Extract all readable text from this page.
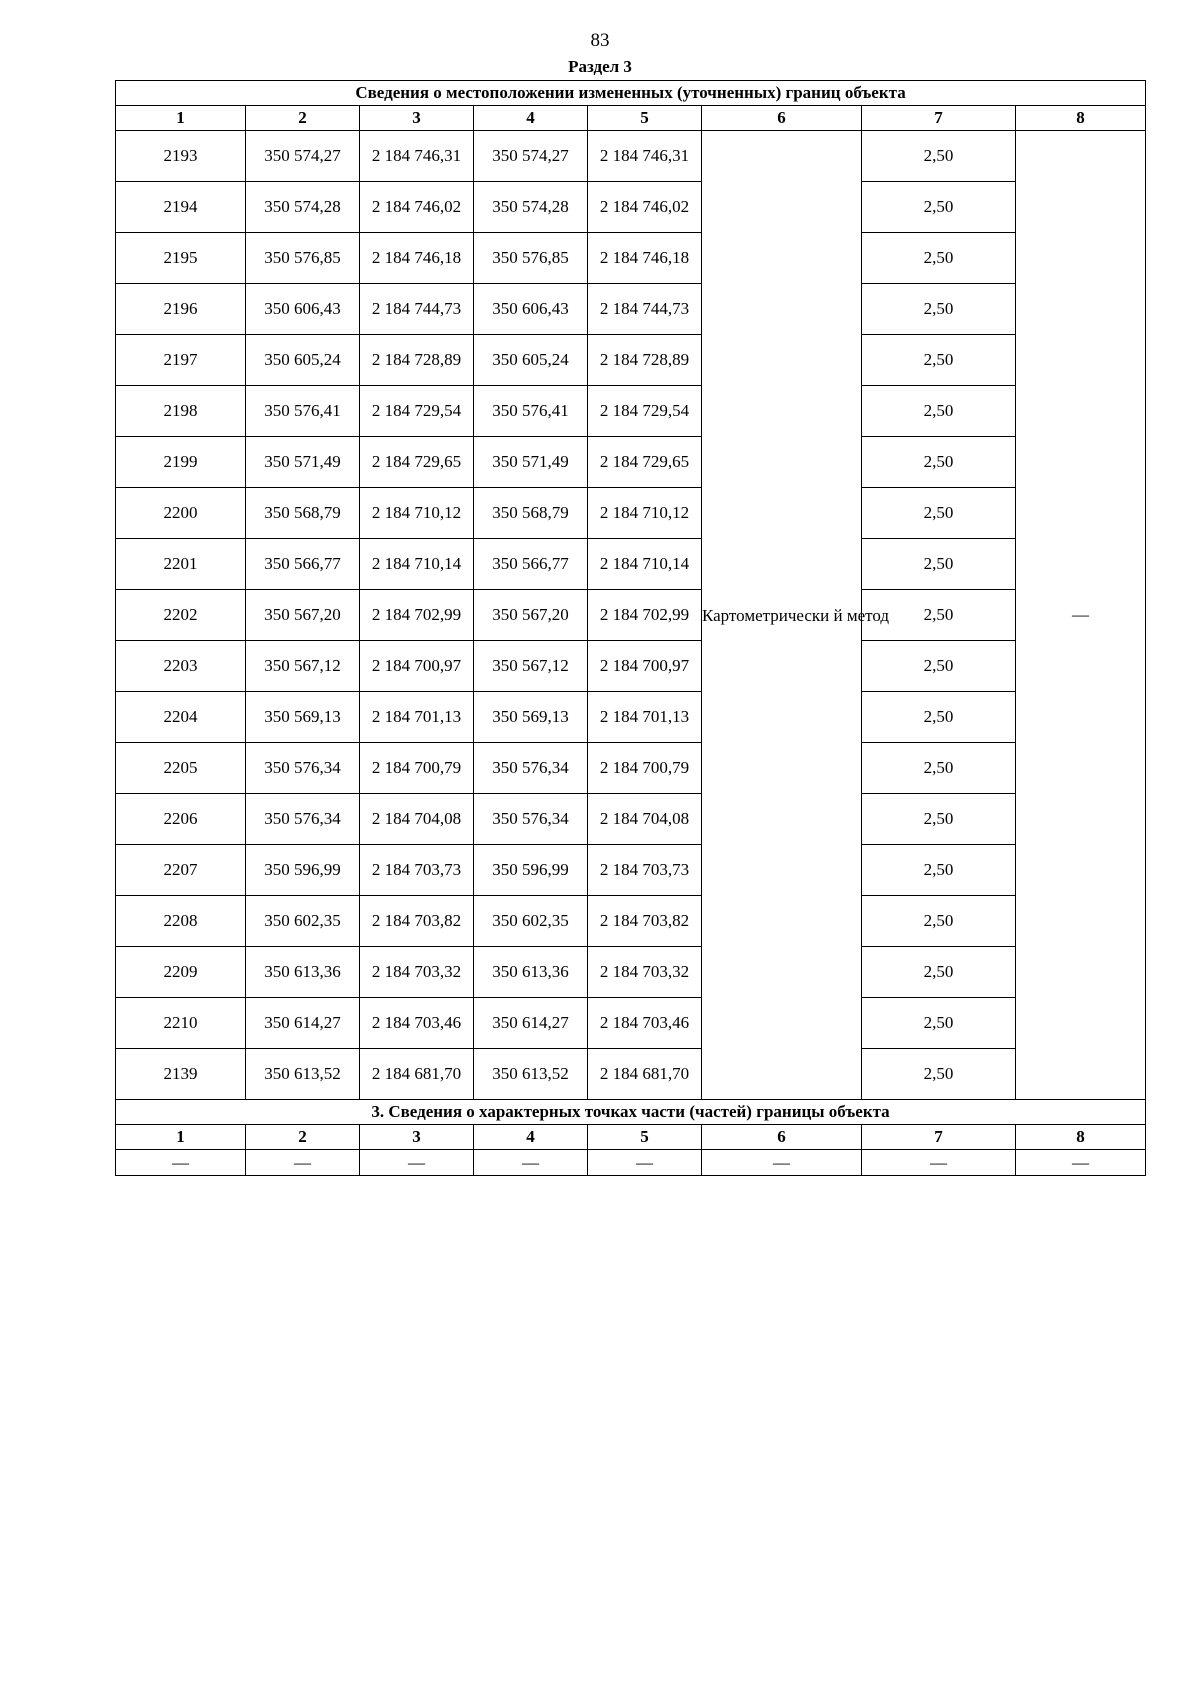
83
Раздел 3
Сведения о местоположении измененных (уточненных) границ объекта							
1	2	3	4	5	6	7	8
2193	350 574,27	2 184 746,31	350 574,27	2 184 746,31	Картометрически й метод	2,50	—
2194	350 574,28	2 184 746,02	350 574,28	2 184 746,02		2,50	
2195	350 576,85	2 184 746,18	350 576,85	2 184 746,18		2,50	
2196	350 606,43	2 184 744,73	350 606,43	2 184 744,73		2,50	
2197	350 605,24	2 184 728,89	350 605,24	2 184 728,89		2,50	
2198	350 576,41	2 184 729,54	350 576,41	2 184 729,54		2,50	
2199	350 571,49	2 184 729,65	350 571,49	2 184 729,65		2,50	
2200	350 568,79	2 184 710,12	350 568,79	2 184 710,12		2,50	
2201	350 566,77	2 184 710,14	350 566,77	2 184 710,14		2,50	
2202	350 567,20	2 184 702,99	350 567,20	2 184 702,99		2,50	
2203	350 567,12	2 184 700,97	350 567,12	2 184 700,97		2,50	
2204	350 569,13	2 184 701,13	350 569,13	2 184 701,13		2,50	
2205	350 576,34	2 184 700,79	350 576,34	2 184 700,79		2,50	
2206	350 576,34	2 184 704,08	350 576,34	2 184 704,08		2,50	
2207	350 596,99	2 184 703,73	350 596,99	2 184 703,73		2,50	
2208	350 602,35	2 184 703,82	350 602,35	2 184 703,82		2,50	
2209	350 613,36	2 184 703,32	350 613,36	2 184 703,32		2,50	
2210	350 614,27	2 184 703,46	350 614,27	2 184 703,46		2,50	
2139	350 613,52	2 184 681,70	350 613,52	2 184 681,70		2,50	
3. Сведения о характерных точках части (частей) границы объекта							
1	2	3	4	5	6	7	8
—	—	—	—	—	—	—	—
